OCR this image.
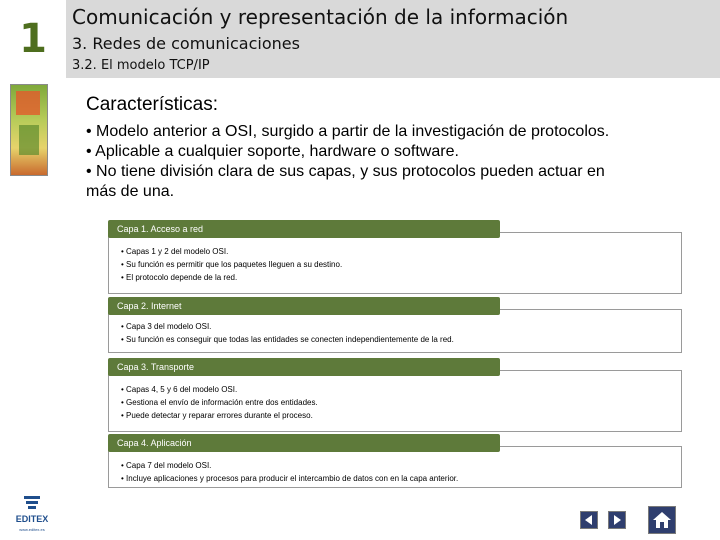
1	Comunicación y representación de la información
3. Redes de comunicaciones
3.2. El modelo TCP/IP
Características:
• Modelo anterior a OSI, surgido a partir de la investigación de protocolos.
• Aplicable a cualquier soporte, hardware o software.
• No tiene división clara de sus capas, y sus protocolos pueden actuar en
más de una.
• Capas 1 y 2 del modelo OSI.
• Su función es permitir que los paquetes lleguen a su destino.
• El protocolo depende de la red.
Capa 1. Acceso a red
• Capa 3 del modelo OSI.
• Su función es conseguir que todas las entidades se conecten independientemente de la red.
Capa 2. Internet
• Capas 4, 5 y 6 del modelo OSI.
• Gestiona el envío de información entre dos entidades.
• Puede detectar y reparar errores durante el proceso.
Capa 3. Transporte
• Capa 7 del modelo OSI.
• Incluye aplicaciones y procesos para producir el intercambio de datos con en la capa anterior.
Capa 4. Aplicación
EDITEX
www.editex.es
